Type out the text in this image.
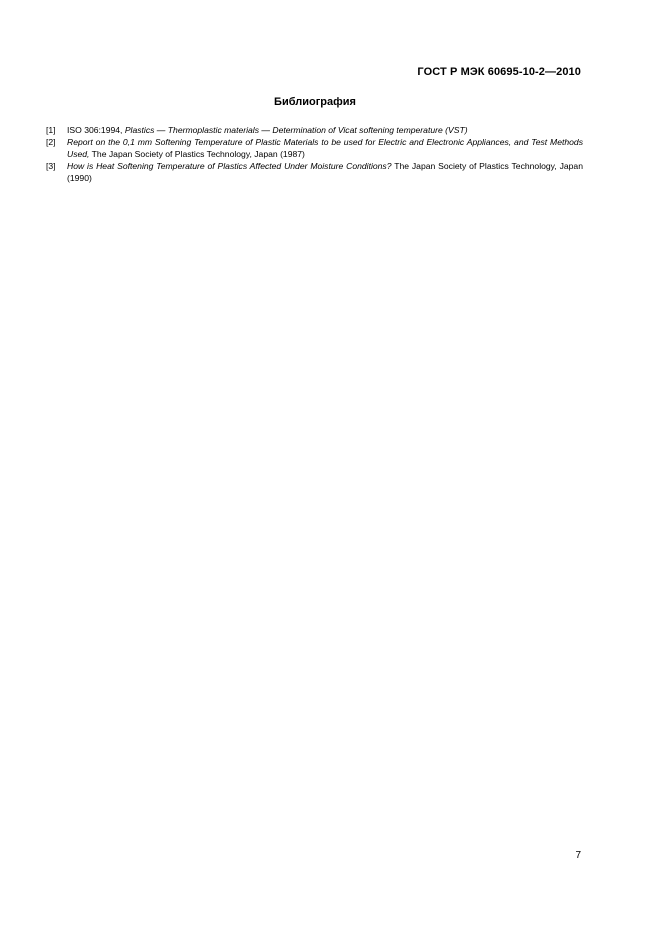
ГОСТ Р МЭК 60695-10-2—2010
Библиография
[1] ISO 306:1994, Plastics — Thermoplastic materials — Determination of Vicat softening temperature (VST)
[2] Report on the 0,1 mm Softening Temperature of Plastic Materials to be used for Electric and Electronic Appliances, and Test Methods Used, The Japan Society of Plastics Technology, Japan (1987)
[3] How is Heat Softening Temperature of Plastics Affected Under Moisture Conditions? The Japan Society of Plastics Technology, Japan (1990)
7
